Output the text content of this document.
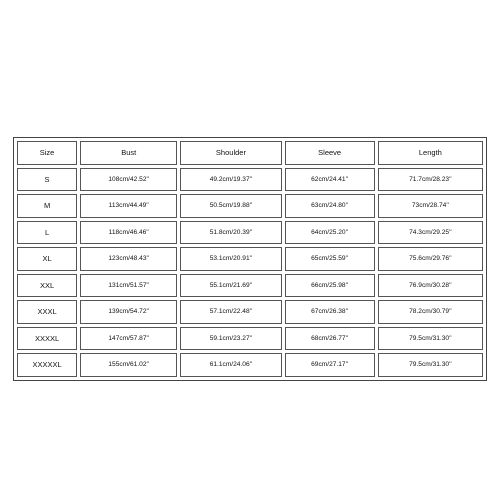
Size	Bust	Shoulder	Sleeve	Length
S	108cm/42.52''	49.2cm/19.37''	62cm/24.41''	71.7cm/28.23''
M	113cm/44.49''	50.5cm/19.88''	63cm/24.80''	73cm/28.74''
L	118cm/46.46''	51.8cm/20.39''	64cm/25.20''	74.3cm/29.25''
XL	123cm/48.43''	53.1cm/20.91''	65cm/25.59''	75.6cm/29.76''
XXL	131cm/51.57''	55.1cm/21.69''	66cm/25.98''	76.9cm/30.28''
XXXL	139cm/54.72''	57.1cm/22.48''	67cm/26.38''	78.2cm/30.79''
XXXXL	147cm/57.87''	59.1cm/23.27''	68cm/26.77''	79.5cm/31.30''
XXXXXL	155cm/61.02''	61.1cm/24.06''	69cm/27.17''	79.5cm/31.30''
